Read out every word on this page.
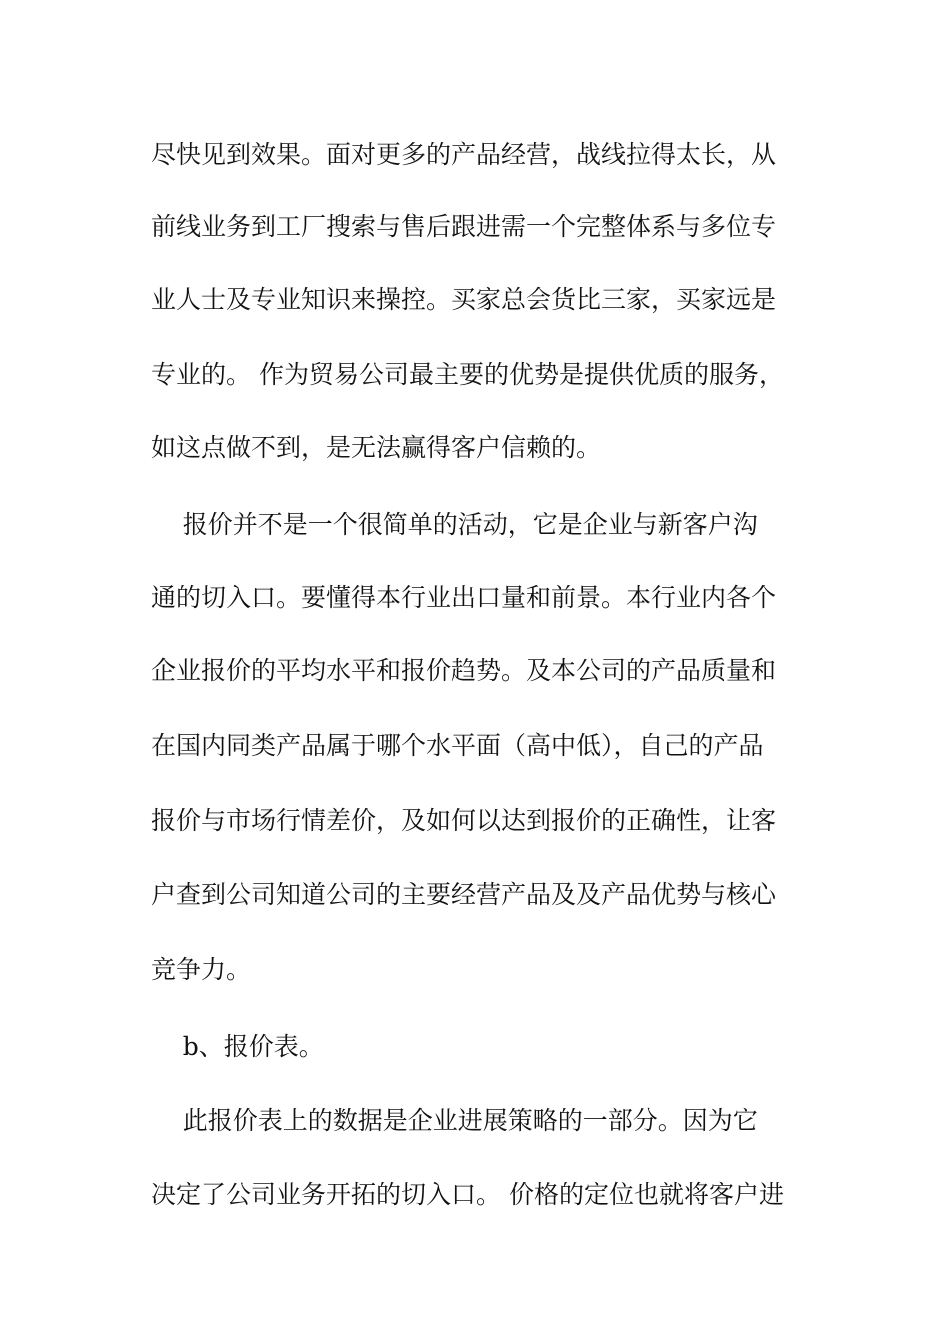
尽快见到效果。面对更多的产品经营，战线拉得太长，从
前线业务到工厂搜索与售后跟进需一个完整体系与多位专
业人士及专业知识来操控。买家总会货比三家，买家远是
专业的。 作为贸易公司最主要的优势是提供优质的服务，
如这点做不到，是无法赢得客户信赖的。
报价并不是一个很简单的活动，它是企业与新客户沟
通的切入口。要懂得本行业出口量和前景。本行业内各个
企业报价的平均水平和报价趋势。及本公司的产品质量和
在国内同类产品属于哪个水平面（高中低），自己的产品
报价与市场行情差价，及如何以达到报价的正确性，让客
户查到公司知道公司的主要经营产品及及产品优势与核心
竞争力。
b、报价表。
此报价表上的数据是企业进展策略的一部分。因为它
决定了公司业务开拓的切入口。 价格的定位也就将客户进
